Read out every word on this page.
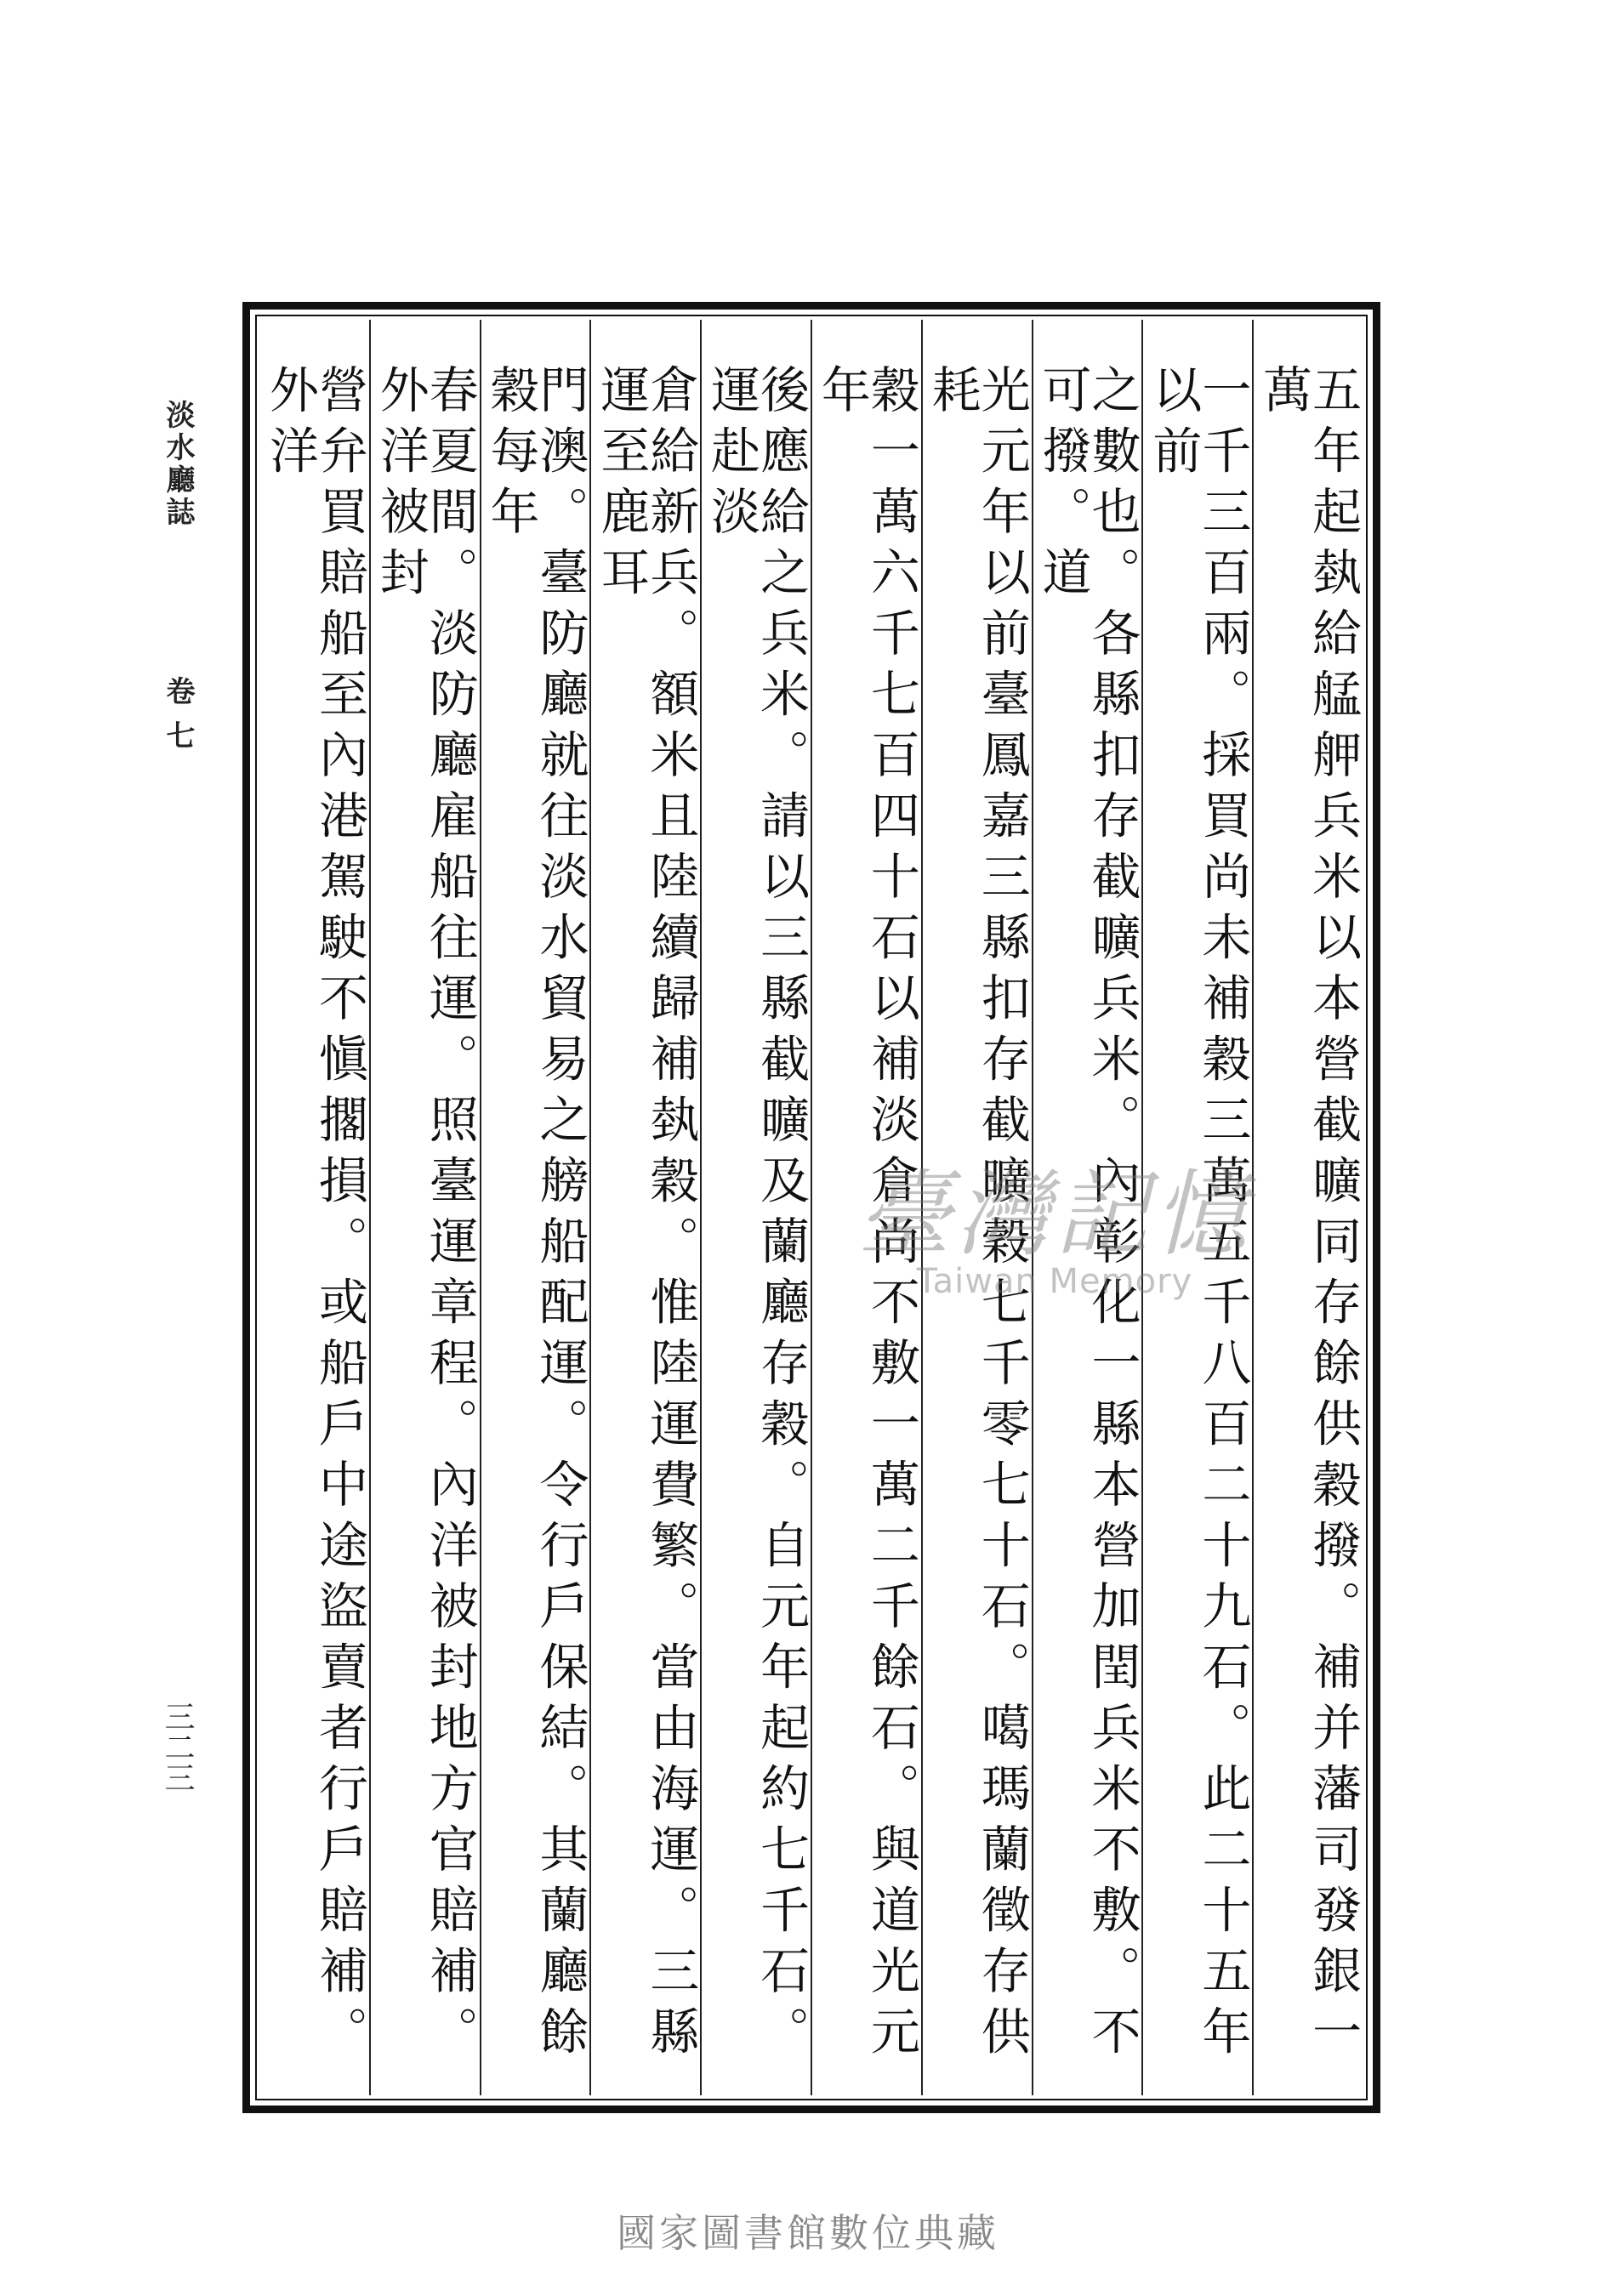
淡水廳誌
卷七
三二三	五年起埶給艋舺兵米以本營截曠同存餘供穀撥。補并藩司發銀一萬
一千三百兩。採買尚未補穀三萬五千八百二十九石。此二十五年以前
之數也。各縣扣存截曠兵米。內彰化一縣本營加閏兵米不敷。不可撥。道
光元年以前臺鳳嘉三縣扣存截曠穀七千零七十石。噶瑪蘭徵存供耗
穀一萬六千七百四十石以補淡倉尚不敷一萬二千餘石。與道光元年
後應給之兵米。請以三縣截曠及蘭廳存穀。自元年起約七千石。運赴淡
倉給新兵。額米且陸續歸補埶穀。惟陸運費繁。當由海運。三縣運至鹿耳
門澳。臺防廳就往淡水貿易之艕船配運。令行戶保結。其蘭廳餘穀每年
春夏間。淡防廳雇船往運。照臺運章程。內洋被封地方官賠補。外洋被封
營弁買賠船至內港駕駛不愼擱損。或船戶中途盜賣者行戶賠補。外洋
臺灣記憶
Taiwan Memory
國家圖書館數位典藏
